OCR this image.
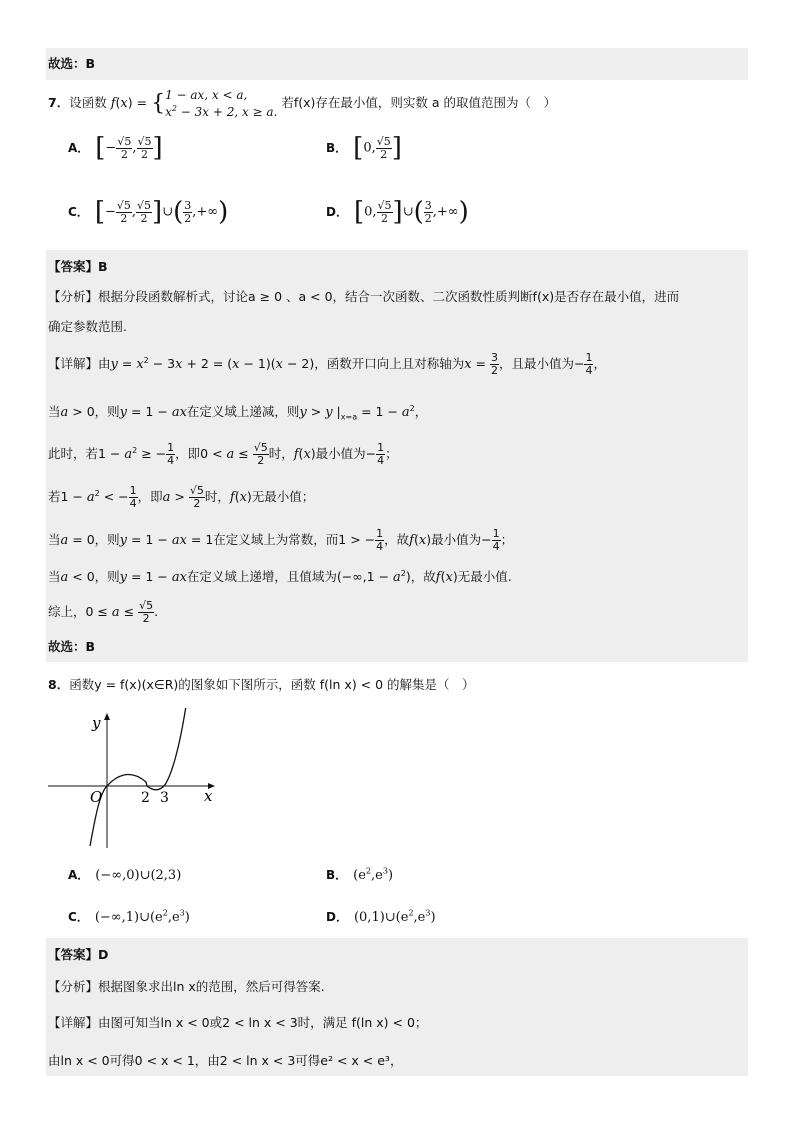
故选：B
7．设函数 f(x) = {1 − ax, x < a,
$x^2 - 3x + 2$, x ≥ a. 若f(x)存在最小值，则实数 a 的取值范围为（　）
A． [− $\frac{√5}{2}$ , $\frac{√5}{2}$ ]	B． [0, $\frac{√5}{2}$ ]
C． [− $\frac{√5}{2}$ , $\frac{√5}{2}$ ]∪( $\frac{3}{2}$ ,+∞)	D． [0, $\frac{√5}{2}$ ]∪( $\frac{3}{2}$ ,+∞)
【答案】B
【分析】根据分段函数解析式，讨论a ≥ 0 、a < 0，结合一次函数、二次函数性质判断f(x)是否存在最小值，进而
确定参数范围.
【详解】由$y = x^2 - 3x + 2 = (x - 1)(x - 2)$，函数开口向上且对称轴为$x = \frac{3}{2}$ ，且最小值为− $\frac{1}{4}$ ，
当a > 0，则y = 1 − ax在定义域上递减，则y > y $|_{x=a} = 1 - a^2$，
此时，若$1 - a^2$ ≥ − $\frac{1}{4}$ ，即$0 < a \le \frac{√5}{2}$ 时，f(x)最小值为− $\frac{1}{4}$ ；
若$1 - a^2$ < − $\frac{1}{4}$ ，即$a > \frac{√5}{2}$ 时，f(x)无最小值；
当a = 0，则y = 1 − ax = 1在定义域上为常数，而1 > − $\frac{1}{4}$ ，故f(x)最小值为− $\frac{1}{4}$ ；
当a < 0，则y = 1 − ax在定义域上递增，且值域为$(-\infty,1 - a^2)$，故f(x)无最小值.
综上，$0 \le a \le \frac{√5}{2}$ .
故选：B
8．函数y = f(x)(x∈R)的图象如下图所示，函数 f(ln x) < 0 的解集是（　）
y
x
O	2 3
A． (−∞,0)∪(2,3)	B． $(e^2,e^3)$
C． $(-\infty,1)\cup(e^2,e^3)$	D． $(0,1)\cup(e^2,e^3)$
【答案】D
【分析】根据图象求出ln x的范围，然后可得答案.
【详解】由图可知当ln x < 0或2 < ln x < 3时，满足 f(ln x) < 0；
由ln x < 0可得0 < x < 1，由2 < ln x < 3可得e² < x < e³，
